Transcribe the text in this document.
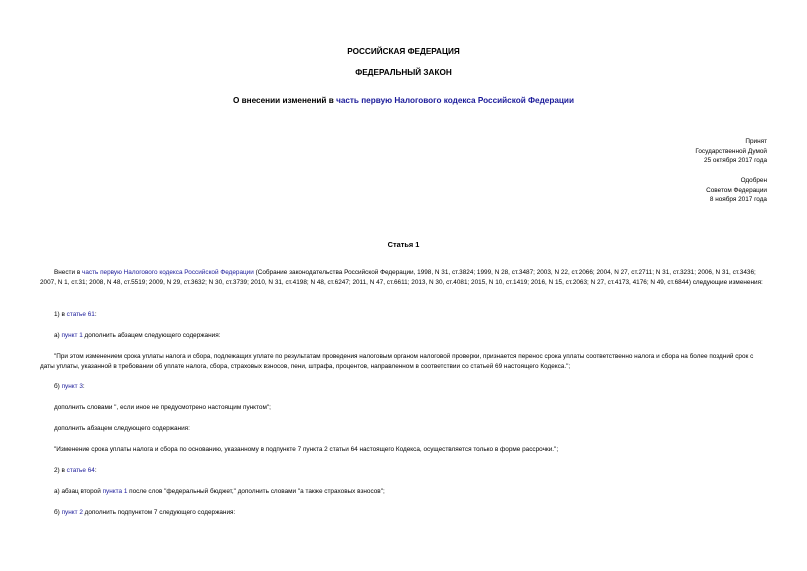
РОССИЙСКАЯ ФЕДЕРАЦИЯ
ФЕДЕРАЛЬНЫЙ ЗАКОН
О внесении изменений в часть первую Налогового кодекса Российской Федерации
Принят
Государственной Думой
25 октября 2017 года
Одобрен
Советом Федерации
8 ноября 2017 года
Статья 1
Внести в часть первую Налогового кодекса Российской Федерации (Собрание законодательства Российской Федерации, 1998, N 31, ст.3824; 1999, N 28, ст.3487; 2003, N 22, ст.2066; 2004, N 27, ст.2711; N 31, ст.3231; 2006, N 31, ст.3436; 2007, N 1, ст.31; 2008, N 48, ст.5519; 2009, N 29, ст.3632; N 30, ст.3739; 2010, N 31, ст.4198; N 48, ст.6247; 2011, N 47, ст.6611; 2013, N 30, ст.4081; 2015, N 10, ст.1419; 2016, N 15, ст.2063; N 27, ст.4173, 4176; N 49, ст.6844) следующие изменения:
1) в статье 61:
а) пункт 1 дополнить абзацем следующего содержания:
"При этом изменением срока уплаты налога и сбора, подлежащих уплате по результатам проведения налоговым органом налоговой проверки, признается перенос срока уплаты соответственно налога и сбора на более поздний срок с даты уплаты, указанной в требовании об уплате налога, сбора, страховых взносов, пени, штрафа, процентов, направленном в соответствии со статьей 69 настоящего Кодекса.";
б) пункт 3:
дополнить словами ", если иное не предусмотрено настоящим пунктом";
дополнить абзацем следующего содержания:
"Изменение срока уплаты налога и сбора по основанию, указанному в подпункте 7 пункта 2 статьи 64 настоящего Кодекса, осуществляется только в форме рассрочки.";
2) в статье 64:
а) абзац второй пункта 1 после слов "федеральный бюджет," дополнить словами "а также страховых взносов";
б) пункт 2 дополнить подпунктом 7 следующего содержания:
